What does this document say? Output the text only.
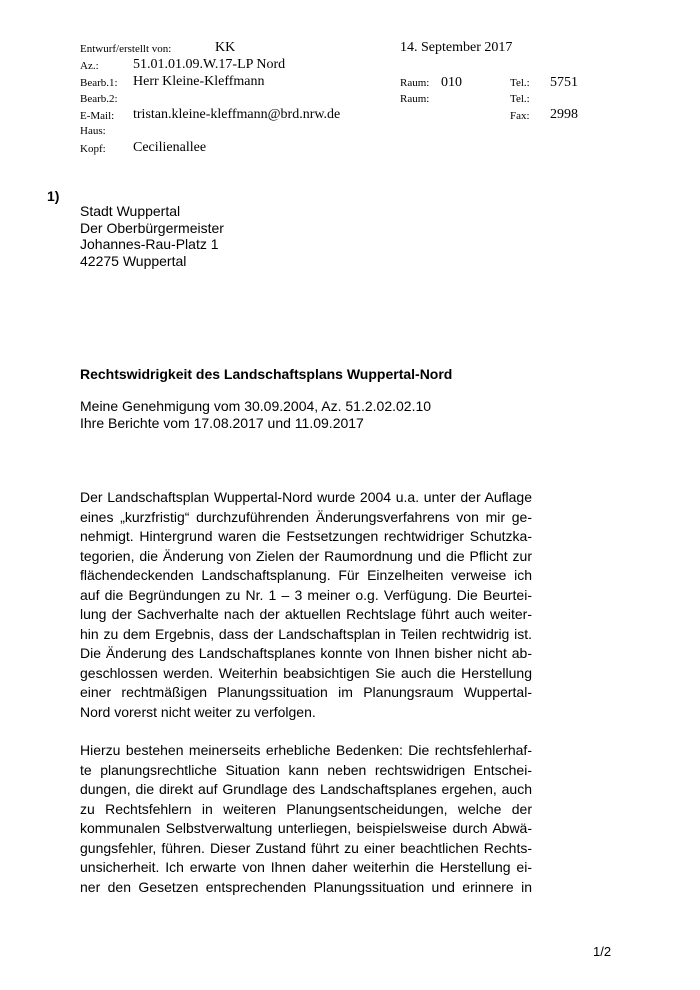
Entwurf/erstellt von:	KK	14. September 2017
Az.: 51.01.01.09.W.17-LP Nord
Bearb.1: Herr Kleine-Kleffmann	Raum: 010	Tel.: 5751
Bearb.2:	Raum:	Tel.:
E-Mail: tristan.kleine-kleffmann@brd.nrw.de	Fax: 2998
Haus:
Kopf: Cecilienallee
1)
Stadt Wuppertal
Der Oberbürgermeister
Johannes-Rau-Platz 1
42275 Wuppertal
Rechtswidrigkeit des Landschaftsplans Wuppertal-Nord
Meine Genehmigung vom 30.09.2004, Az. 51.2.02.02.10
Ihre Berichte vom 17.08.2017 und 11.09.2017

Der Landschaftsplan Wuppertal-Nord wurde 2004 u.a. unter der Auflage

eines „kurzfristig“ durchzuführenden Änderungsverfahrens von mir ge-

nehmigt. Hintergrund waren die Festsetzungen rechtwidriger Schutzka-

tegorien, die Änderung von Zielen der Raumordnung und die Pflicht zur

flächendeckenden Landschaftsplanung. Für Einzelheiten verweise ich

auf die Begründungen zu Nr. 1 – 3 meiner o.g. Verfügung. Die Beurtei-

lung der Sachverhalte nach der aktuellen Rechtslage führt auch weiter-

hin zu dem Ergebnis, dass der Landschaftsplan in Teilen rechtwidrig ist.

Die Änderung des Landschaftsplanes konnte von Ihnen bisher nicht ab-

geschlossen werden. Weiterhin beabsichtigen Sie auch die Herstellung

einer rechtmäßigen Planungssituation im Planungsraum Wuppertal-

Nord vorerst nicht weiter zu verfolgen.

Hierzu bestehen meinerseits erhebliche Bedenken: Die rechtsfehlerhaf-

te planungsrechtliche Situation kann neben rechtswidrigen Entschei-

dungen, die direkt auf Grundlage des Landschaftsplanes ergehen, auch

zu Rechtsfehlern in weiteren Planungsentscheidungen, welche der

kommunalen Selbstverwaltung unterliegen, beispielsweise durch Abwä-

gungsfehler, führen. Dieser Zustand führt zu einer beachtlichen Rechts-

unsicherheit. Ich erwarte von Ihnen daher weiterhin die Herstellung ei-

ner den Gesetzen entsprechenden Planungssituation und erinnere in

1/2
